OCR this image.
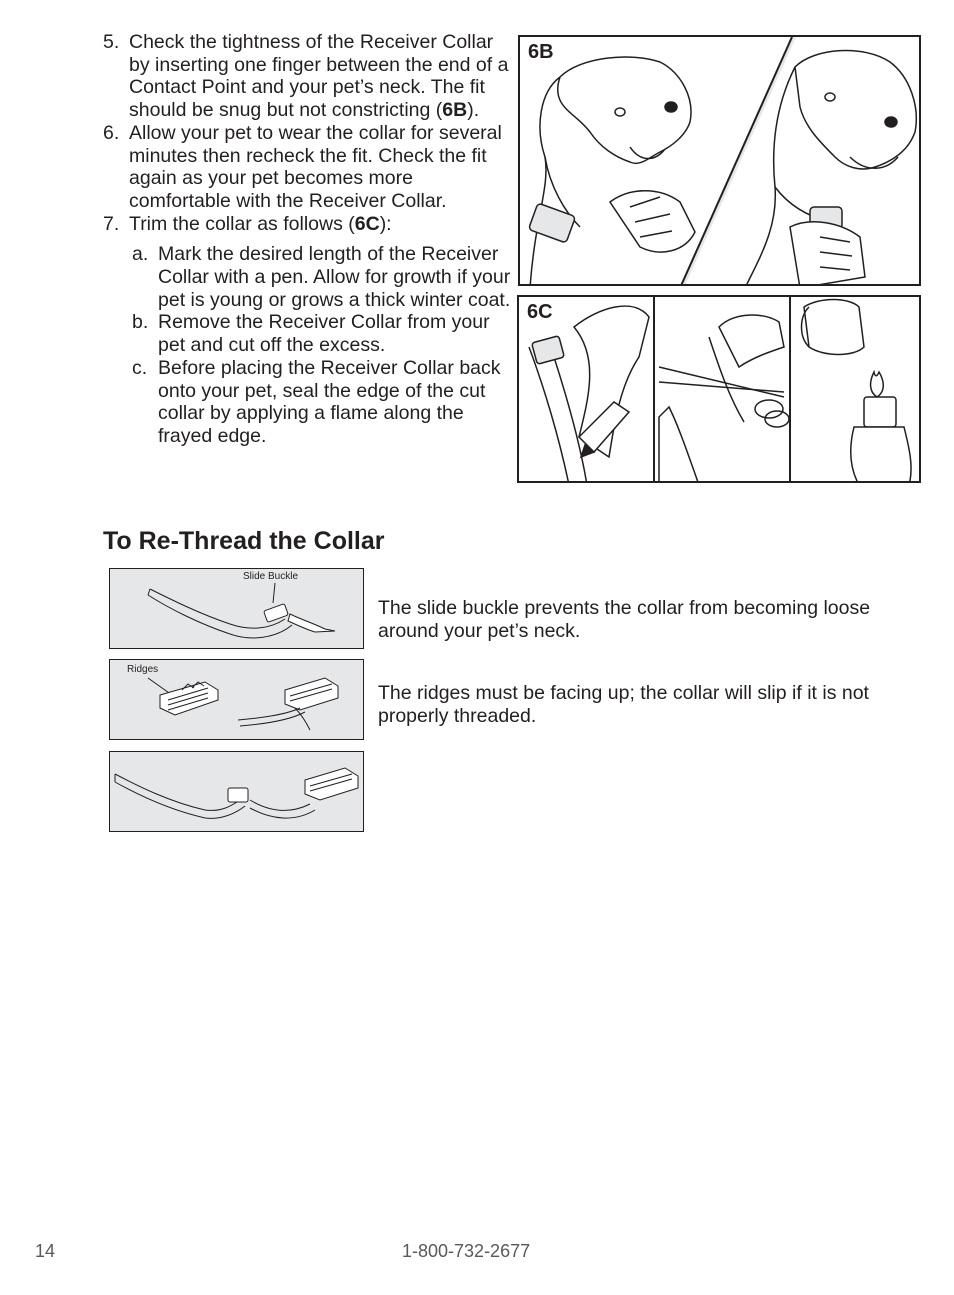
5. Check the tightness of the Receiver Collar by inserting one finger between the end of a Contact Point and your pet’s neck. The fit should be snug but not constricting (6B).
6. Allow your pet to wear the collar for several minutes then recheck the fit. Check the fit again as your pet becomes more comfortable with the Receiver Collar.
7. Trim the collar as follows (6C):
a. Mark the desired length of the Receiver Collar with a pen. Allow for growth if your pet is young or grows a thick winter coat.
b. Remove the Receiver Collar from your pet and cut off the excess.
c. Before placing the Receiver Collar back onto your pet, seal the edge of the cut collar by applying a flame along the frayed edge.
6B
6C
To Re-Thread the Collar
Slide Buckle
Ridges

The slide buckle prevents the collar from becoming loose around your pet’s neck.

The ridges must be facing up; the collar will slip if it is not properly threaded.

14	1-800-732-2677
